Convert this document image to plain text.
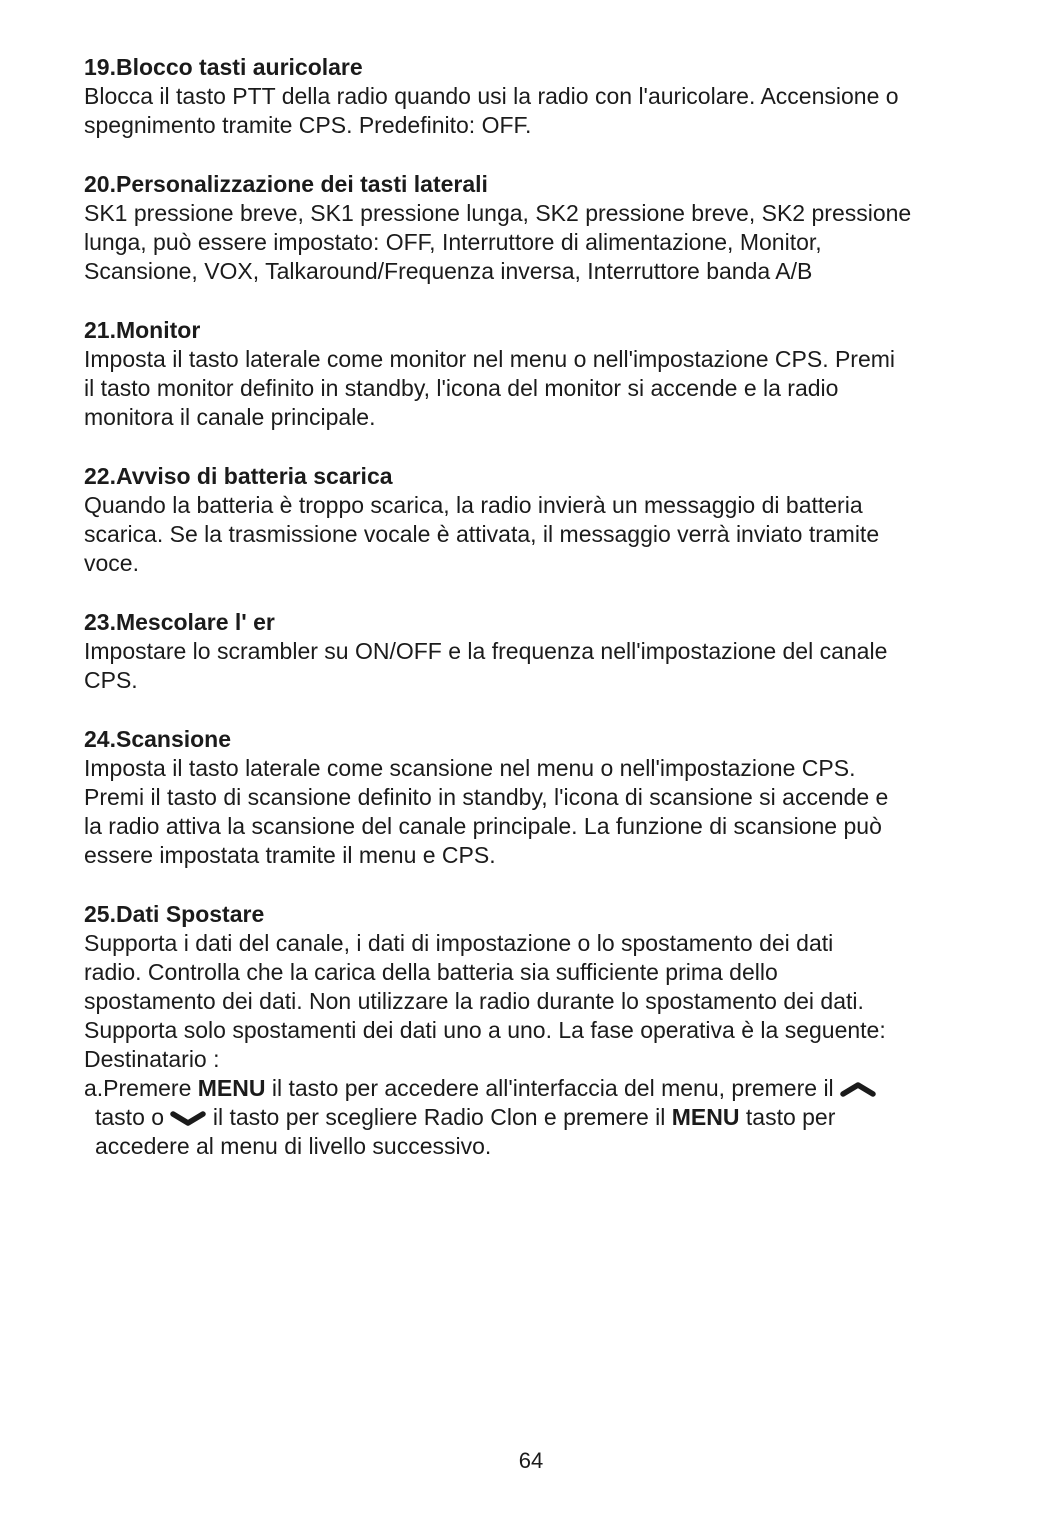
19.Blocco tasti auricolare
Blocca il tasto PTT della radio quando usi la radio con l'auricolare. Accensione o
spegnimento tramite CPS. Predefinito: OFF.
20.Personalizzazione dei tasti laterali
SK1 pressione breve, SK1 pressione lunga, SK2 pressione breve, SK2 pressione
lunga, può essere impostato: OFF, Interruttore di alimentazione, Monitor,
Scansione, VOX, Talkaround/Frequenza inversa, Interruttore banda A/B
21.Monitor
Imposta il tasto laterale come monitor nel menu o nell'impostazione CPS. Premi
il tasto monitor definito in standby, l'icona del monitor si accende e la radio
monitora il canale principale.
22.Avviso di batteria scarica
Quando la batteria è troppo scarica, la radio invierà un messaggio di batteria
scarica. Se la trasmissione vocale è attivata, il messaggio verrà inviato tramite
voce.
23.Mescolare l' er
Impostare lo scrambler su ON/OFF e la frequenza nell'impostazione del canale
CPS.
24.Scansione
Imposta il tasto laterale come scansione nel menu o nell'impostazione CPS.
Premi il tasto di scansione definito in standby, l'icona di scansione si accende e
la radio attiva la scansione del canale principale. La funzione di scansione può
essere impostata tramite il menu e CPS.
25.Dati Spostare
Supporta i dati del canale, i dati di impostazione o lo spostamento dei dati
radio. Controlla che la carica della batteria sia sufficiente prima dello
spostamento dei dati. Non utilizzare la radio durante lo spostamento dei dati.
Supporta solo spostamenti dei dati uno a uno. La fase operativa è la seguente:
Destinatario :
a.Premere MENU il tasto per accedere all'interfaccia del menu, premere il
tasto o  il tasto per scegliere Radio Clon e premere il MENU tasto per
accedere al menu di livello successivo.
64
